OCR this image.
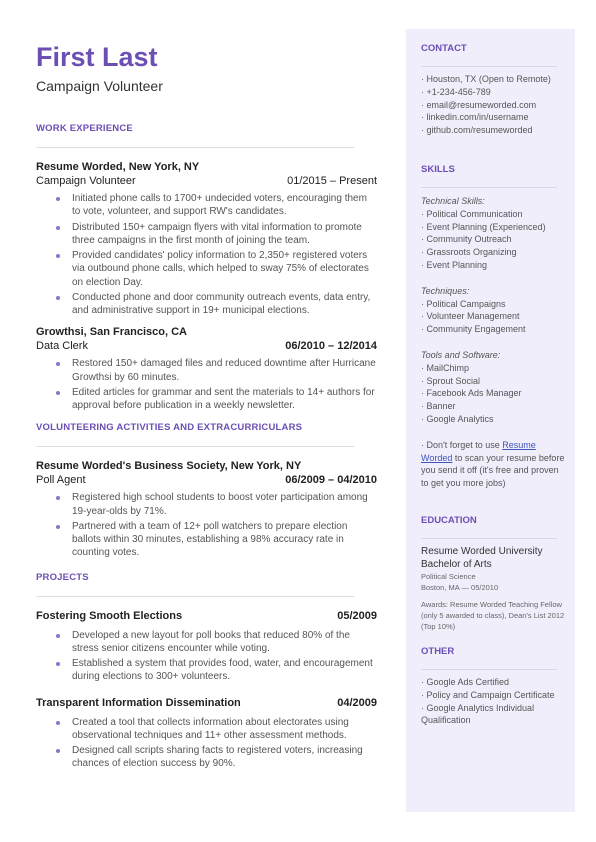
First Last
Campaign Volunteer
WORK EXPERIENCE
Resume Worded, New York, NY
Campaign Volunteer	01/2015 – Present
Initiated phone calls to 1700+ undecided voters, encouraging them to vote, volunteer, and support RW's candidates.
Distributed 150+ campaign flyers with vital information to promote three campaigns in the first month of joining the team.
Provided candidates' policy information to 2,350+ registered voters via outbound phone calls, which helped to sway 75% of electorates on election Day.
Conducted phone and door community outreach events, data entry, and administrative support in 19+ municipal elections.
Growthsi, San Francisco, CA
Data Clerk	06/2010 – 12/2014
Restored 150+ damaged files and reduced downtime after Hurricane Growthsi by 60 minutes.
Edited articles for grammar and sent the materials to 14+ authors for approval before publication in a weekly newsletter.
VOLUNTEERING ACTIVITIES AND EXTRACURRICULARS
Resume Worded's Business Society, New York, NY
Poll Agent	06/2009 – 04/2010
Registered high school students to boost voter participation among 19-year-olds by 71%.
Partnered with a team of 12+ poll watchers to prepare election ballots within 30 minutes, establishing a 98% accuracy rate in counting votes.
PROJECTS
Fostering Smooth Elections	05/2009
Developed a new layout for poll books that reduced 80% of the stress senior citizens encounter while voting.
Established a system that provides food, water, and encouragement during elections to 300+ volunteers.
Transparent Information Dissemination	04/2009
Created a tool that collects information about electorates using observational techniques and 11+ other assessment methods.
Designed call scripts sharing facts to registered voters, increasing chances of election success by 90%.
CONTACT
· Houston, TX (Open to Remote)
· +1-234-456-789
· email@resumeworded.com
· linkedin.com/in/username
· github.com/resumeworded
SKILLS
Technical Skills:
· Political Communication
· Event Planning (Experienced)
· Community Outreach
· Grassroots Organizing
· Event Planning
Techniques:
· Political Campaigns
· Volunteer Management
· Community Engagement
Tools and Software:
· MailChimp
· Sprout Social
· Facebook Ads Manager
· Banner
· Google Analytics
· Don't forget to use Resume Worded to scan your resume before you send it off (it's free and proven to get you more jobs)
EDUCATION
Resume Worded University
Bachelor of Arts
Political Science
Boston, MA — 05/2010
Awards: Resume Worded Teaching Fellow (only 5 awarded to class), Dean's List 2012 (Top 10%)
OTHER
· Google Ads Certified
· Policy and Campaign Certificate
· Google Analytics Individual Qualification
